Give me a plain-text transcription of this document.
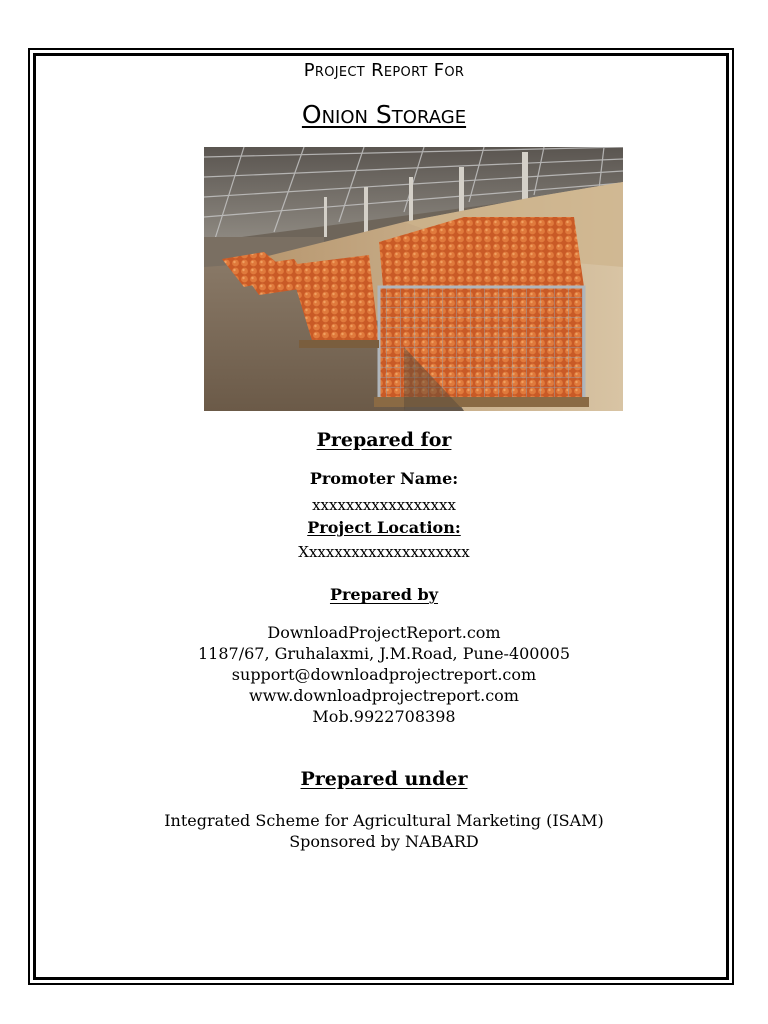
Project Report For
Onion Storage
Prepared for
Promoter Name:
xxxxxxxxxxxxxxxxx
Project Location:
Xxxxxxxxxxxxxxxxxxxx
Prepared by
DownloadProjectReport.com
1187/67, Gruhalaxmi, J.M.Road, Pune-400005
support@downloadprojectreport.com
www.downloadprojectreport.com
Mob.9922708398
Prepared under
Integrated Scheme for Agricultural Marketing (ISAM)
Sponsored by NABARD
